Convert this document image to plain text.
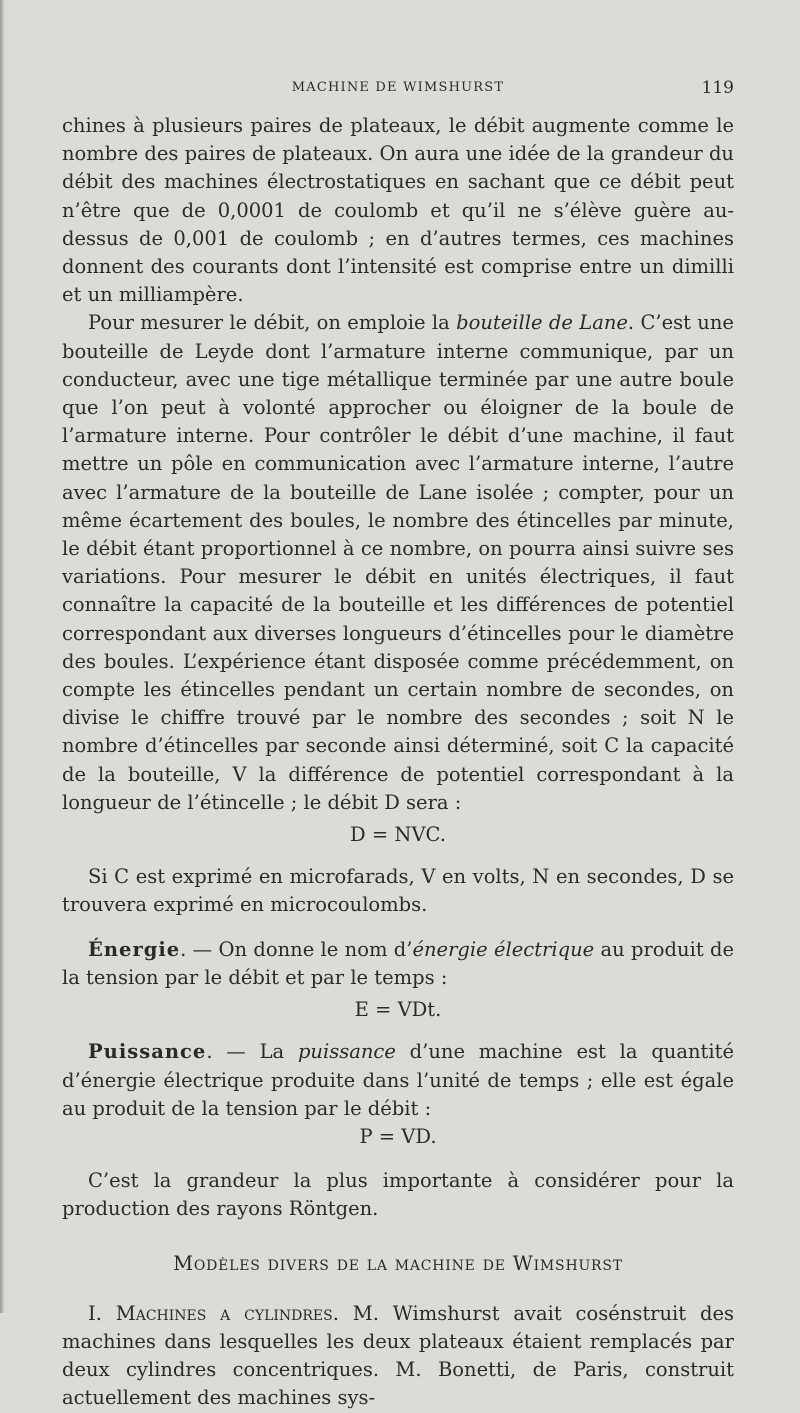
MACHINE DE WIMSHURST	119

chines à plusieurs paires de plateaux, le débit augmente comme le nombre des paires de plateaux. On aura une idée de la grandeur du débit des machines électrostatiques en sachant que ce débit peut n’être que de 0,0001 de coulomb et qu’il ne s’élève guère au-dessus de 0,001 de coulomb ; en d’autres termes, ces machines donnent des courants dont l’intensité est comprise entre un dimilli et un milliampère.

Pour mesurer le débit, on emploie la bouteille de Lane. C’est une bouteille de Leyde dont l’armature interne communique, par un conducteur, avec une tige métallique terminée par une autre boule que l’on peut à volonté approcher ou éloigner de la boule de l’armature interne. Pour contrôler le débit d’une machine, il faut mettre un pôle en communication avec l’armature interne, l’autre avec l’armature de la bouteille de Lane isolée ; compter, pour un même écartement des boules, le nombre des étincelles par minute, le débit étant proportionnel à ce nombre, on pourra ainsi suivre ses variations. Pour mesurer le débit en unités électriques, il faut connaître la capacité de la bouteille et les différences de potentiel correspondant aux diverses longueurs d’étincelles pour le diamètre des boules. L’expérience étant disposée comme précédemment, on compte les étincelles pendant un certain nombre de secondes, on divise le chiffre trouvé par le nombre des secondes ; soit N le nombre d’étincelles par seconde ainsi déterminé, soit C la capacité de la bouteille, V la différence de potentiel correspondant à la longueur de l’étincelle ; le débit D sera :

D = NVC.

Si C est exprimé en microfarads, V en volts, N en secondes, D se trouvera exprimé en microcoulombs.

Énergie. — On donne le nom d’énergie électrique au produit de la tension par le débit et par le temps :

E = VDt.

Puissance. — La puissance d’une machine est la quantité d’énergie électrique produite dans l’unité de temps ; elle est égale au produit de la tension par le débit :

P = VD.

C’est la grandeur la plus importante à considérer pour la production des rayons Röntgen.

Modèles divers de la machine de Wimshurst

I. Machines a cylindres. M. Wimshurst avait cosénstruit des machines dans lesquelles les deux plateaux étaient remplacés par deux cylindres concentriques. M. Bonetti, de Paris, construit actuellement des machines sys-
